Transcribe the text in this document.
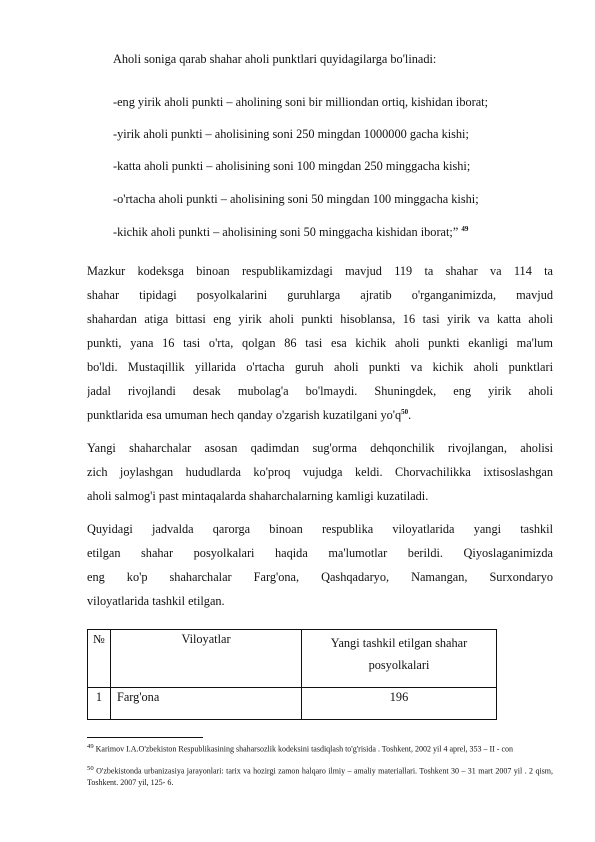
Aholi soniga qarab shahar aholi punktlari quyidagilarga bo'linadi:
-eng yirik aholi punkti – aholining soni bir milliondan ortiq, kishidan iborat;
-yirik aholi punkti – aholisining soni 250 mingdan 1000000 gacha kishi;
-katta aholi punkti – aholisining soni 100 mingdan 250 minggacha kishi;
-o'rtacha aholi punkti – aholisining soni 50 mingdan 100 minggacha kishi;
-kichik aholi punkti – aholisining soni 50 minggacha kishidan iborat;” $^{49}$
Mazkur kodeksga binoan respublikamizdagi mavjud 119 ta shahar va 114 ta
shahar tipidagi posyolkalarini guruhlarga ajratib o'rganganimizda, mavjud
shahardan atiga bittasi eng yirik aholi punkti hisoblansa, 16 tasi yirik va katta aholi
punkti, yana 16 tasi o'rta, qolgan 86 tasi esa kichik aholi punkti ekanligi ma'lum
bo'ldi. Mustaqillik yillarida o'rtacha guruh aholi punkti va kichik aholi punktlari
jadal rivojlandi desak mubolag'a bo'lmaydi. Shuningdek, eng yirik aholi
punktlarida esa umuman hech qanday o'zgarish kuzatilgani yo'q$^{50}$.
Yangi shaharchalar asosan qadimdan sug'orma dehqonchilik rivojlangan, aholisi
zich joylashgan hududlarda ko'proq vujudga keldi. Chorvachilikka ixtisoslashgan
aholi salmog'i past mintaqalarda shaharchalarning kamligi kuzatiladi.
Quyidagi jadvalda qarorga binoan respublika viloyatlarida yangi tashkil
etilgan shahar posyolkalari haqida ma'lumotlar berildi. Qiyoslaganimizda
eng ko'p shaharchalar Farg'ona, Qashqadaryo, Namangan, Surxondaryo
viloyatlarida tashkil etilgan.
№	Viloyatlar	Yangi tashkil etilgan shahar posyolkalari
1	Farg'ona	196
$^{49}$ Karimov I.A.O'zbekiston Respublikasining shaharsozlik kodeksini tasdiqlash to'g'risida . Toshkent, 2002 yil 4 aprel, 353 – II - con
$^{50}$ O'zbekistonda urbanizasiya jarayonlari: tarix va hozirgi zamon halqaro ilmiy – amaliy materiallari. Toshkent 30 – 31 mart 2007 yil . 2 qism, Toshkent. 2007 yil, 125- 6.
